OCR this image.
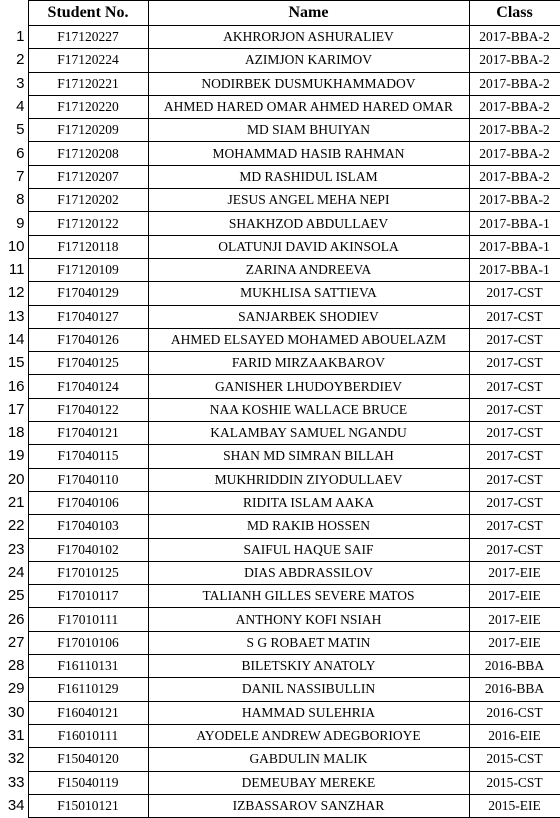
	Student No.	Name	Class
1	F17120227	AKHRORJON ASHURALIEV	2017-BBA-2
2	F17120224	AZIMJON KARIMOV	2017-BBA-2
3	F17120221	NODIRBEK DUSMUKHAMMADOV	2017-BBA-2
4	F17120220	AHMED HARED OMAR AHMED HARED OMAR	2017-BBA-2
5	F17120209	MD SIAM BHUIYAN	2017-BBA-2
6	F17120208	MOHAMMAD HASIB RAHMAN	2017-BBA-2
7	F17120207	MD RASHIDUL ISLAM	2017-BBA-2
8	F17120202	JESUS ANGEL MEHA NEPI	2017-BBA-2
9	F17120122	SHAKHZOD ABDULLAEV	2017-BBA-1
10	F17120118	OLATUNJI DAVID AKINSOLA	2017-BBA-1
11	F17120109	ZARINA ANDREEVA	2017-BBA-1
12	F17040129	MUKHLISA SATTIEVA	2017-CST
13	F17040127	SANJARBEK SHODIEV	2017-CST
14	F17040126	AHMED ELSAYED MOHAMED ABOUELAZM	2017-CST
15	F17040125	FARID MIRZAAKBAROV	2017-CST
16	F17040124	GANISHER LHUDOYBERDIEV	2017-CST
17	F17040122	NAA KOSHIE WALLACE BRUCE	2017-CST
18	F17040121	KALAMBAY SAMUEL NGANDU	2017-CST
19	F17040115	SHAN MD SIMRAN BILLAH	2017-CST
20	F17040110	MUKHRIDDIN ZIYODULLAEV	2017-CST
21	F17040106	RIDITA ISLAM AAKA	2017-CST
22	F17040103	MD RAKIB HOSSEN	2017-CST
23	F17040102	SAIFUL HAQUE SAIF	2017-CST
24	F17010125	DIAS ABDRASSILOV	2017-EIE
25	F17010117	TALIANH GILLES SEVERE MATOS	2017-EIE
26	F17010111	ANTHONY KOFI NSIAH	2017-EIE
27	F17010106	S G ROBAET MATIN	2017-EIE
28	F16110131	BILETSKIY ANATOLY	2016-BBA
29	F16110129	DANIL NASSIBULLIN	2016-BBA
30	F16040121	HAMMAD SULEHRIA	2016-CST
31	F16010111	AYODELE ANDREW ADEGBORIOYE	2016-EIE
32	F15040120	GABDULIN MALIK	2015-CST
33	F15040119	DEMEUBAY MEREKE	2015-CST
34	F15010121	IZBASSAROV SANZHAR	2015-EIE
